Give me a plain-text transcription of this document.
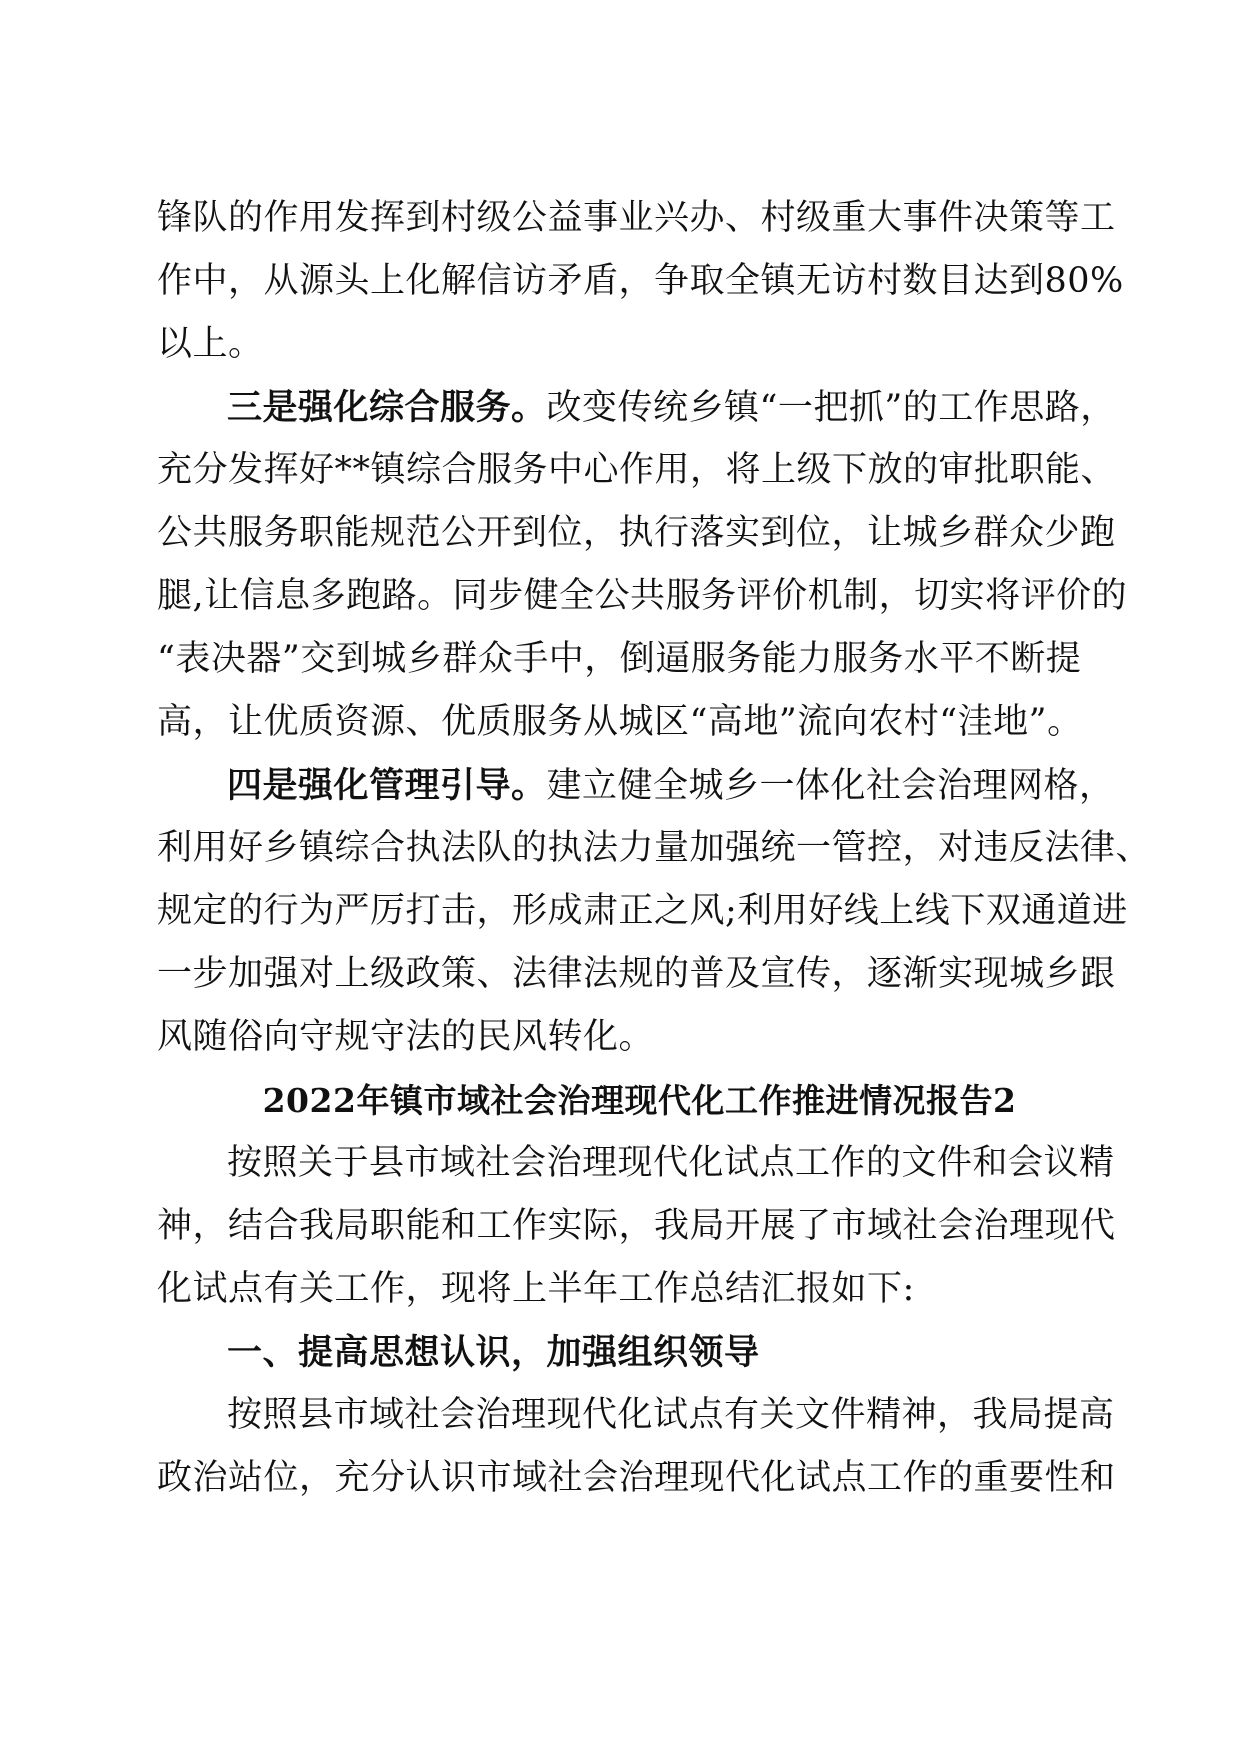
锋队的作用发挥到村级公益事业兴办、村级重大事件决策等工
作中，从源头上化解信访矛盾，争取全镇无访村数目达到80%
以上。
三是强化综合服务。改变传统乡镇“一把抓”的工作思路，
充分发挥好**镇综合服务中心作用，将上级下放的审批职能、
公共服务职能规范公开到位，执行落实到位，让城乡群众少跑
腿,让信息多跑路。同步健全公共服务评价机制，切实将评价的
“表决器”交到城乡群众手中，倒逼服务能力服务水平不断提
高，让优质资源、优质服务从城区“高地”流向农村“洼地”。
四是强化管理引导。建立健全城乡一体化社会治理网格，
利用好乡镇综合执法队的执法力量加强统一管控，对违反法律、
规定的行为严厉打击，形成肃正之风;利用好线上线下双通道进
一步加强对上级政策、法律法规的普及宣传，逐渐实现城乡跟
风随俗向守规守法的民风转化。
2022年镇市域社会治理现代化工作推进情况报告2
按照关于县市域社会治理现代化试点工作的文件和会议精
神，结合我局职能和工作实际，我局开展了市域社会治理现代
化试点有关工作，现将上半年工作总结汇报如下:
一、提高思想认识，加强组织领导
按照县市域社会治理现代化试点有关文件精神，我局提高
政治站位，充分认识市域社会治理现代化试点工作的重要性和
